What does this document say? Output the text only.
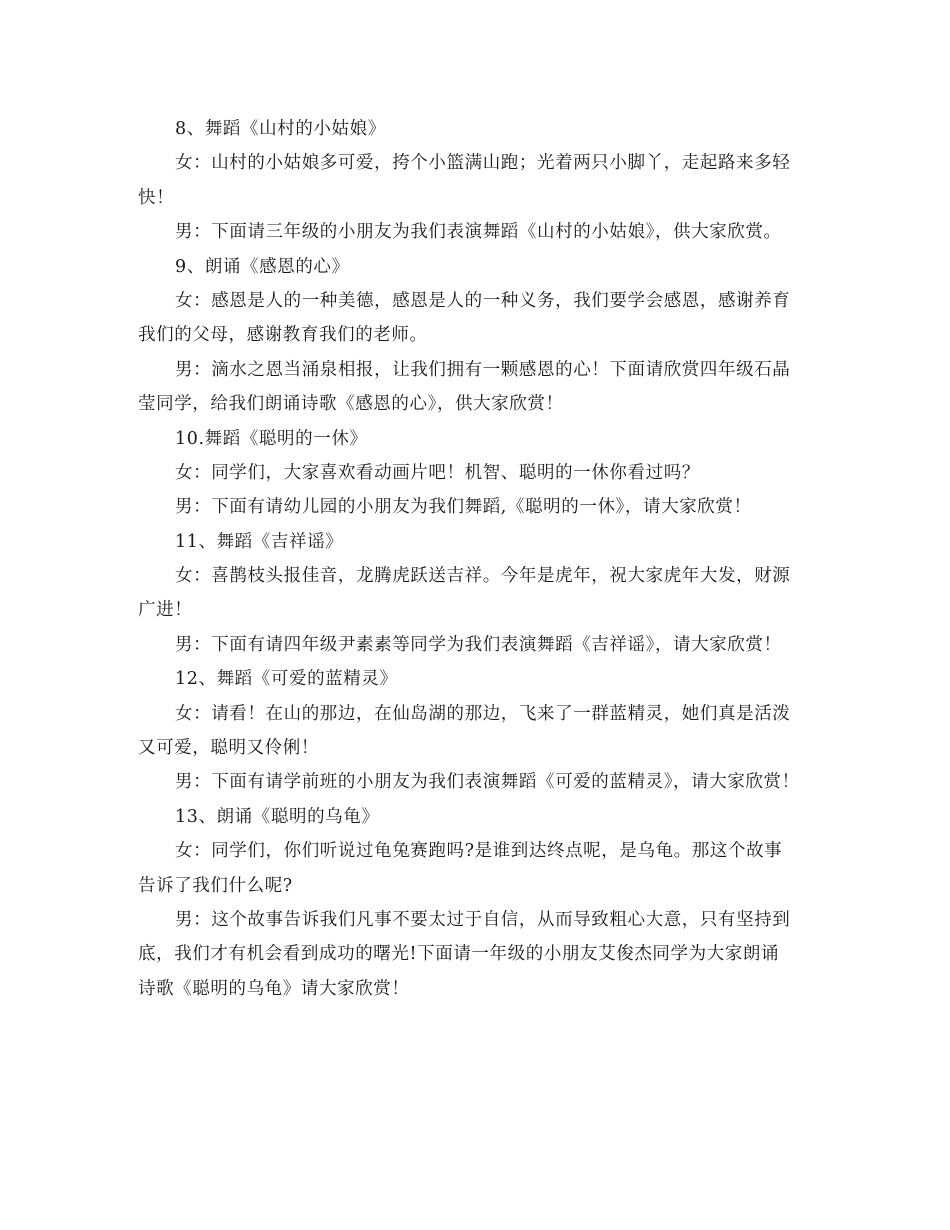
8、舞蹈《山村的小姑娘》
女：山村的小姑娘多可爱，挎个小篮满山跑；光着两只小脚丫，走起路来多轻
快！
男：下面请三年级的小朋友为我们表演舞蹈《山村的小姑娘》，供大家欣赏。
9、朗诵《感恩的心》
女：感恩是人的一种美德，感恩是人的一种义务，我们要学会感恩，感谢养育
我们的父母，感谢教育我们的老师。
男：滴水之恩当涌泉相报，让我们拥有一颗感恩的心！下面请欣赏四年级石晶
莹同学，给我们朗诵诗歌《感恩的心》，供大家欣赏！
10.舞蹈《聪明的一休》
女：同学们，大家喜欢看动画片吧！机智、聪明的一休你看过吗？
男：下面有请幼儿园的小朋友为我们舞蹈,《聪明的一休》，请大家欣赏！
11、舞蹈《吉祥谣》
女：喜鹊枝头报佳音，龙腾虎跃送吉祥。今年是虎年，祝大家虎年大发，财源
广进！
男：下面有请四年级尹素素等同学为我们表演舞蹈《吉祥谣》，请大家欣赏！
12、舞蹈《可爱的蓝精灵》
女：请看！在山的那边，在仙岛湖的那边，飞来了一群蓝精灵，她们真是活泼
又可爱，聪明又伶俐！
男：下面有请学前班的小朋友为我们表演舞蹈《可爱的蓝精灵》，请大家欣赏！
13、朗诵《聪明的乌龟》
女：同学们，你们听说过龟兔赛跑吗?是谁到达终点呢，是乌龟。那这个故事
告诉了我们什么呢?
男：这个故事告诉我们凡事不要太过于自信，从而导致粗心大意，只有坚持到
底，我们才有机会看到成功的曙光!下面请一年级的小朋友艾俊杰同学为大家朗诵
诗歌《聪明的乌龟》请大家欣赏！
